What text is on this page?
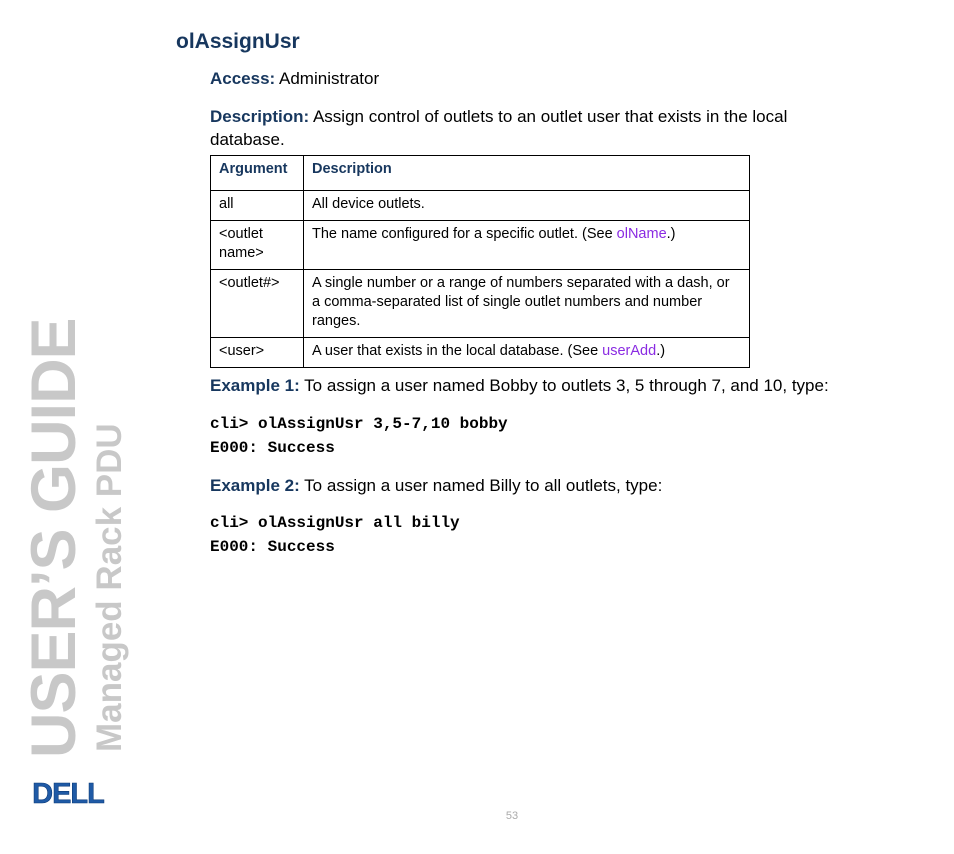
olAssignUsr

Access: Administrator

Description: Assign control of outlets to an outlet user that exists in the local database.

Argument	Description
all	All device outlets.
<outlet name>	The name configured for a specific outlet. (See olName.)
<outlet#>	A single number or a range of numbers separated with a dash, or a comma-separated list of single outlet numbers and number ranges.
<user>	A user that exists in the local database. (See userAdd.)

Example 1: To assign a user named Bobby to outlets 3, 5 through 7, and 10, type:

cli> olAssignUsr 3,5-7,10 bobby
E000: Success

Example 2: To assign a user named Billy to all outlets, type:

cli> olAssignUsr all billy
E000: Success
USER’S GUIDE Managed Rack PDU
DELL
53
